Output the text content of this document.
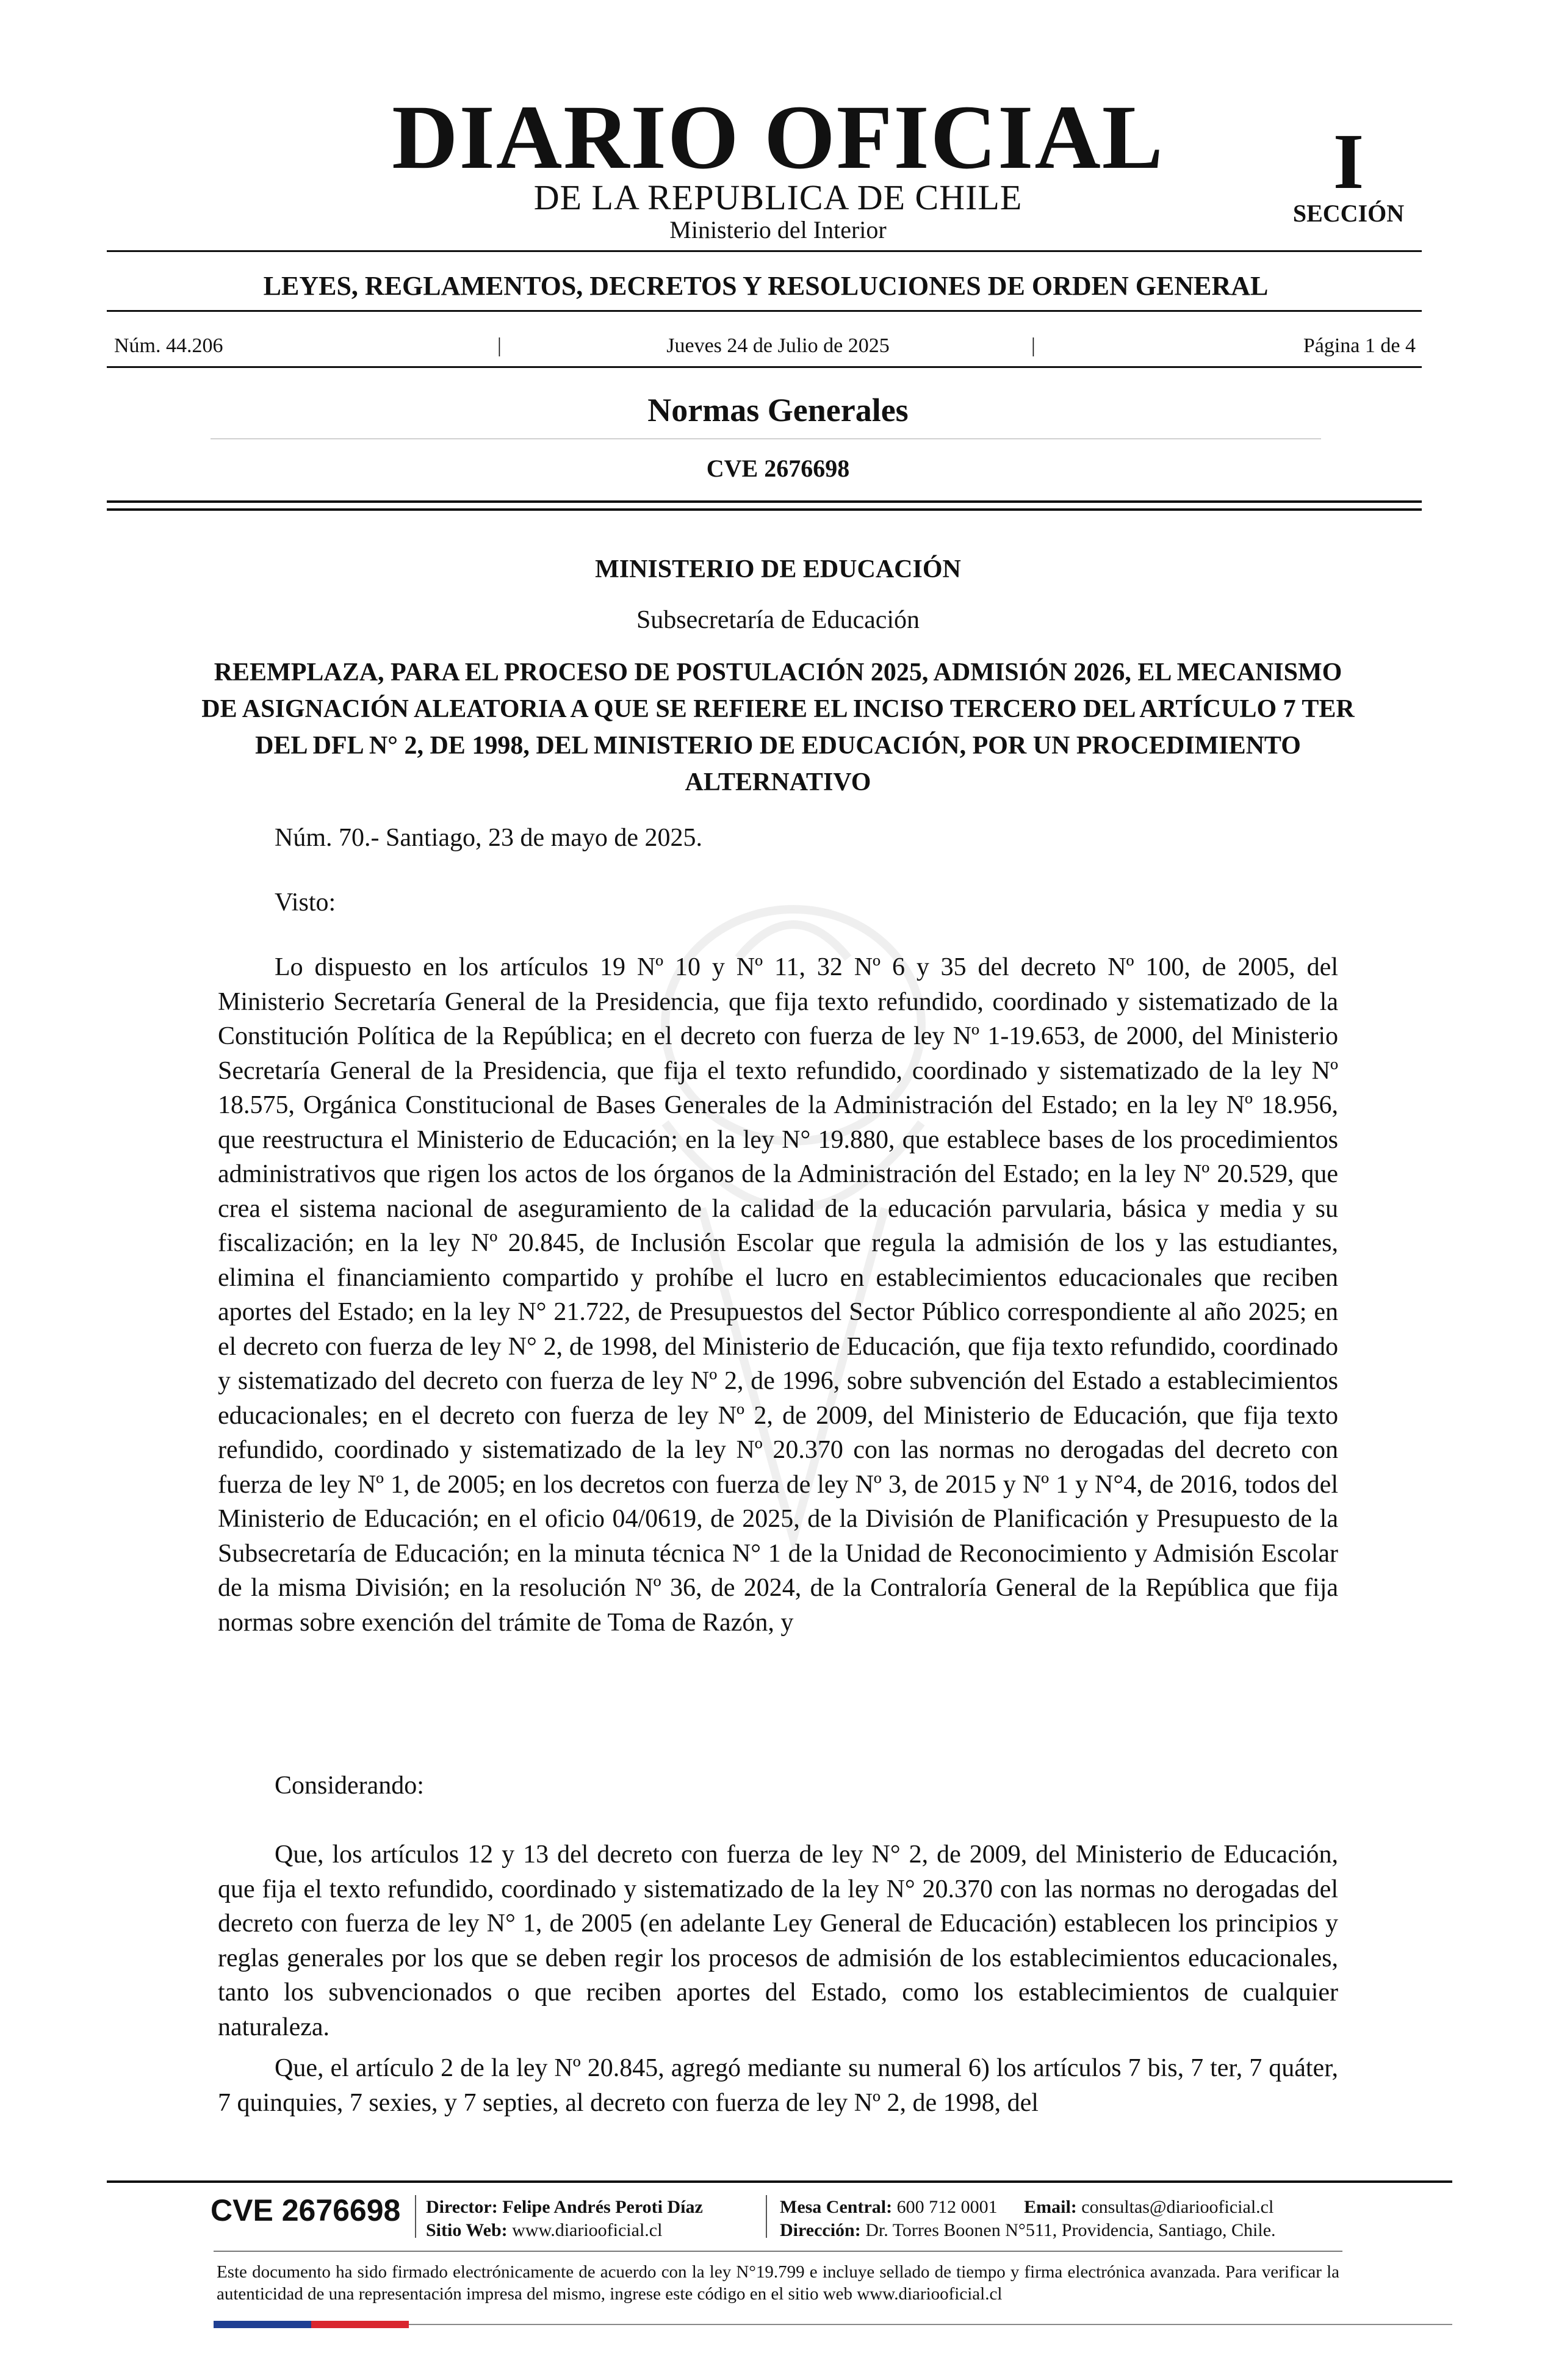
DIARIO OFICIAL
DE LA REPUBLICA DE CHILE
Ministerio del Interior
I
SECCIÓN
LEYES, REGLAMENTOS, DECRETOS Y RESOLUCIONES DE ORDEN GENERAL
Núm. 44.206	|	Jueves 24 de Julio de 2025	|	Página 1 de 4
Normas Generales
CVE 2676698
MINISTERIO DE EDUCACIÓN
Subsecretaría de Educación
REEMPLAZA, PARA EL PROCESO DE POSTULACIÓN 2025, ADMISIÓN 2026, EL MECANISMO DE ASIGNACIÓN ALEATORIA A QUE SE REFIERE EL INCISO TERCERO DEL ARTÍCULO 7 TER DEL DFL N° 2, DE 1998, DEL MINISTERIO DE EDUCACIÓN, POR UN PROCEDIMIENTO ALTERNATIVO
Núm. 70.- Santiago, 23 de mayo de 2025.
Visto:
Lo dispuesto en los artículos 19 Nº 10 y Nº 11, 32 Nº 6 y 35 del decreto Nº 100, de 2005, del Ministerio Secretaría General de la Presidencia, que fija texto refundido, coordinado y sistematizado de la Constitución Política de la República; en el decreto con fuerza de ley Nº 1-19.653, de 2000, del Ministerio Secretaría General de la Presidencia, que fija el texto refundido, coordinado y sistematizado de la ley Nº 18.575, Orgánica Constitucional de Bases Generales de la Administración del Estado; en la ley Nº 18.956, que reestructura el Ministerio de Educación; en la ley N° 19.880, que establece bases de los procedimientos administrativos que rigen los actos de los órganos de la Administración del Estado; en la ley Nº 20.529, que crea el sistema nacional de aseguramiento de la calidad de la educación parvularia, básica y media y su fiscalización; en la ley Nº 20.845, de Inclusión Escolar que regula la admisión de los y las estudiantes, elimina el financiamiento compartido y prohíbe el lucro en establecimientos educacionales que reciben aportes del Estado; en la ley N° 21.722, de Presupuestos del Sector Público correspondiente al año 2025; en el decreto con fuerza de ley N° 2, de 1998, del Ministerio de Educación, que fija texto refundido, coordinado y sistematizado del decreto con fuerza de ley Nº 2, de 1996, sobre subvención del Estado a establecimientos educacionales; en el decreto con fuerza de ley Nº 2, de 2009, del Ministerio de Educación, que fija texto refundido, coordinado y sistematizado de la ley Nº 20.370 con las normas no derogadas del decreto con fuerza de ley Nº 1, de 2005; en los decretos con fuerza de ley Nº 3, de 2015 y Nº 1 y N°4, de 2016, todos del Ministerio de Educación; en el oficio 04/0619, de 2025, de la División de Planificación y Presupuesto de la Subsecretaría de Educación; en la minuta técnica N° 1 de la Unidad de Reconocimiento y Admisión Escolar de la misma División; en la resolución Nº 36, de 2024, de la Contraloría General de la República que fija normas sobre exención del trámite de Toma de Razón, y
Considerando:
Que, los artículos 12 y 13 del decreto con fuerza de ley N° 2, de 2009, del Ministerio de Educación, que fija el texto refundido, coordinado y sistematizado de la ley N° 20.370 con las normas no derogadas del decreto con fuerza de ley N° 1, de 2005 (en adelante Ley General de Educación) establecen los principios y reglas generales por los que se deben regir los procesos de admisión de los establecimientos educacionales, tanto los subvencionados o que reciben aportes del Estado, como los establecimientos de cualquier naturaleza.
Que, el artículo 2 de la ley Nº 20.845, agregó mediante su numeral 6) los artículos 7 bis, 7 ter, 7 quáter, 7 quinquies, 7 sexies, y 7 septies, al decreto con fuerza de ley Nº 2, de 1998, del
CVE 2676698 Director: Felipe Andrés Peroti Díaz
Sitio Web: www.diariooficial.cl
Mesa Central: 600 712 0001 Email: consultas@diariooficial.cl
Dirección: Dr. Torres Boonen N°511, Providencia, Santiago, Chile.
Este documento ha sido firmado electrónicamente de acuerdo con la ley N°19.799 e incluye sellado de tiempo y firma electrónica avanzada. Para verificar la autenticidad de una representación impresa del mismo, ingrese este código en el sitio web www.diariooficial.cl
